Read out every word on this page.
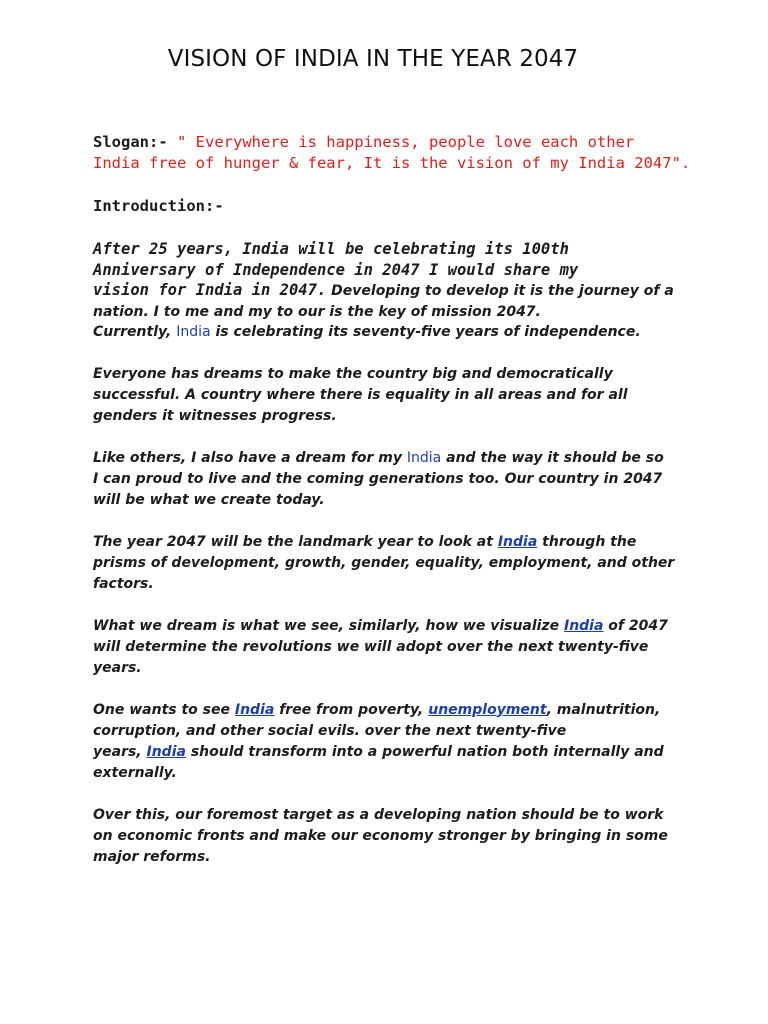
VISION OF INDIA IN THE YEAR 2047
Slogan:- " Everywhere is happiness, people love each other
India free of hunger & fear, It is the vision of my India 2047".
Introduction:-
After 25 years, India will be celebrating its 100th
Anniversary of Independence in 2047 I would share my
vision for India in 2047. Developing to develop it is the journey of a
nation. I to me and my to our is the key of mission 2047.
Currently, India is celebrating its seventy-five years of independence.
Everyone has dreams to make the country big and democratically
successful. A country where there is equality in all areas and for all
genders it witnesses progress.
Like others, I also have a dream for my India and the way it should be so
I can proud to live and the coming generations too. Our country in 2047
will be what we create today.
The year 2047 will be the landmark year to look at India through the
prisms of development, growth, gender, equality, employment, and other
factors.
What we dream is what we see, similarly, how we visualize India of 2047
will determine the revolutions we will adopt over the next twenty-five
years.
One wants to see India free from poverty, unemployment, malnutrition,
corruption, and other social evils. over the next twenty-five
years, India should transform into a powerful nation both internally and
externally.
Over this, our foremost target as a developing nation should be to work
on economic fronts and make our economy stronger by bringing in some
major reforms.
